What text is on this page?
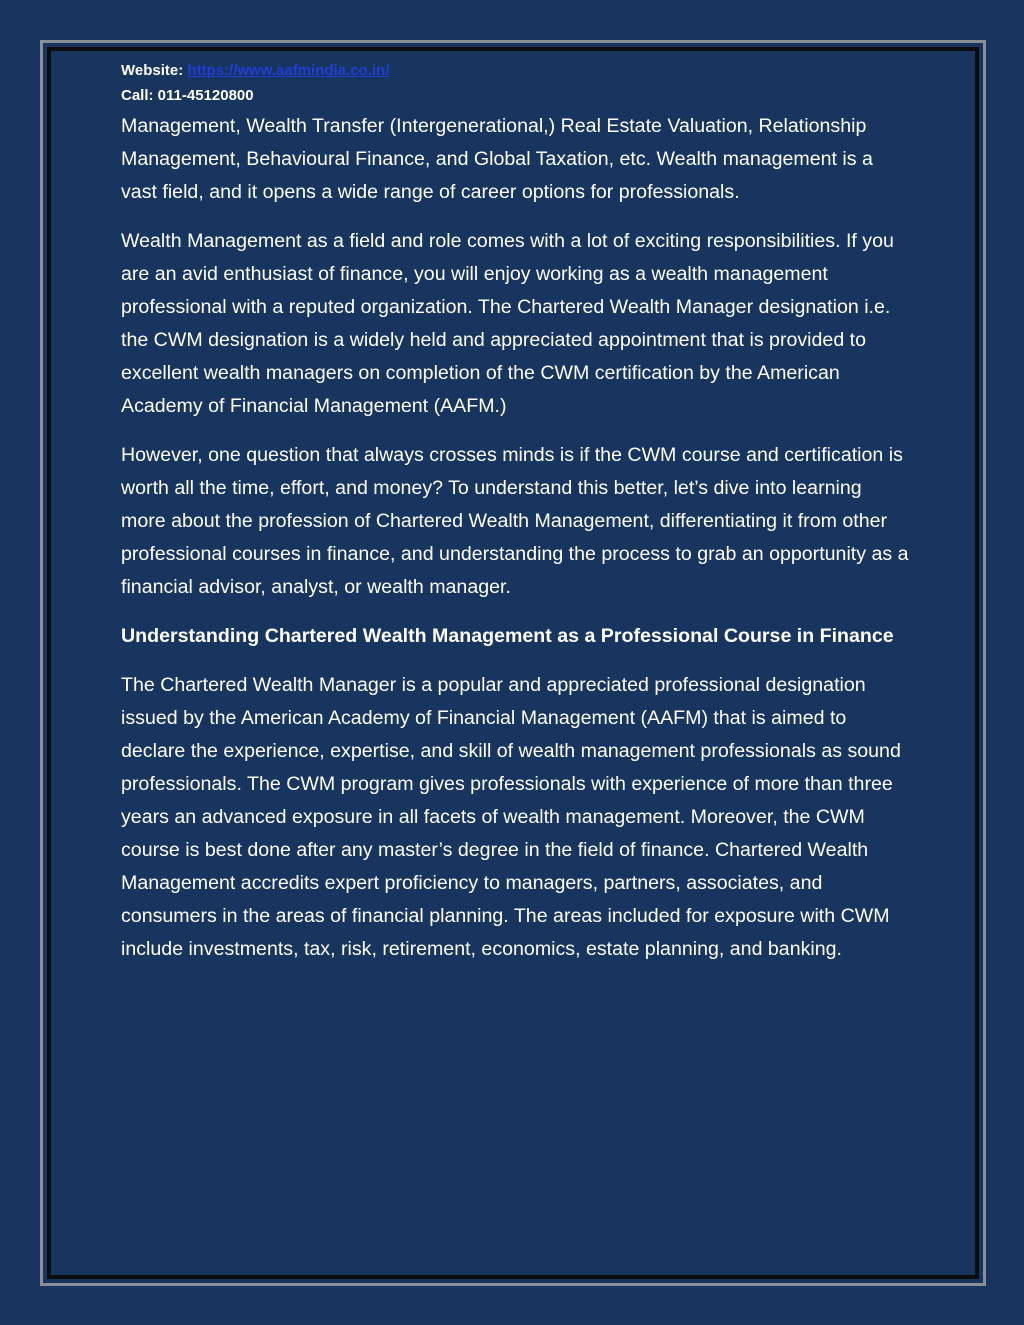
Website: https://www.aafmindia.co.in/
Call: 011-45120800

Management, Wealth Transfer (Intergenerational,) Real Estate Valuation, Relationship Management, Behavioural Finance, and Global Taxation, etc. Wealth management is a vast field, and it opens a wide range of career options for professionals.

Wealth Management as a field and role comes with a lot of exciting responsibilities. If you are an avid enthusiast of finance, you will enjoy working as a wealth management professional with a reputed organization. The Chartered Wealth Manager designation i.e. the CWM designation is a widely held and appreciated appointment that is provided to excellent wealth managers on completion of the CWM certification by the American Academy of Financial Management (AAFM.)

However, one question that always crosses minds is if the CWM course and certification is worth all the time, effort, and money? To understand this better, let’s dive into learning more about the profession of Chartered Wealth Management, differentiating it from other professional courses in finance, and understanding the process to grab an opportunity as a financial advisor, analyst, or wealth manager.

Understanding Chartered Wealth Management as a Professional Course in Finance

The Chartered Wealth Manager is a popular and appreciated professional designation issued by the American Academy of Financial Management (AAFM) that is aimed to declare the experience, expertise, and skill of wealth management professionals as sound professionals. The CWM program gives professionals with experience of more than three years an advanced exposure in all facets of wealth management. Moreover, the CWM course is best done after any master’s degree in the field of finance. Chartered Wealth Management accredits expert proficiency to managers, partners, associates, and consumers in the areas of financial planning. The areas included for exposure with CWM include investments, tax, risk, retirement, economics, estate planning, and banking.
